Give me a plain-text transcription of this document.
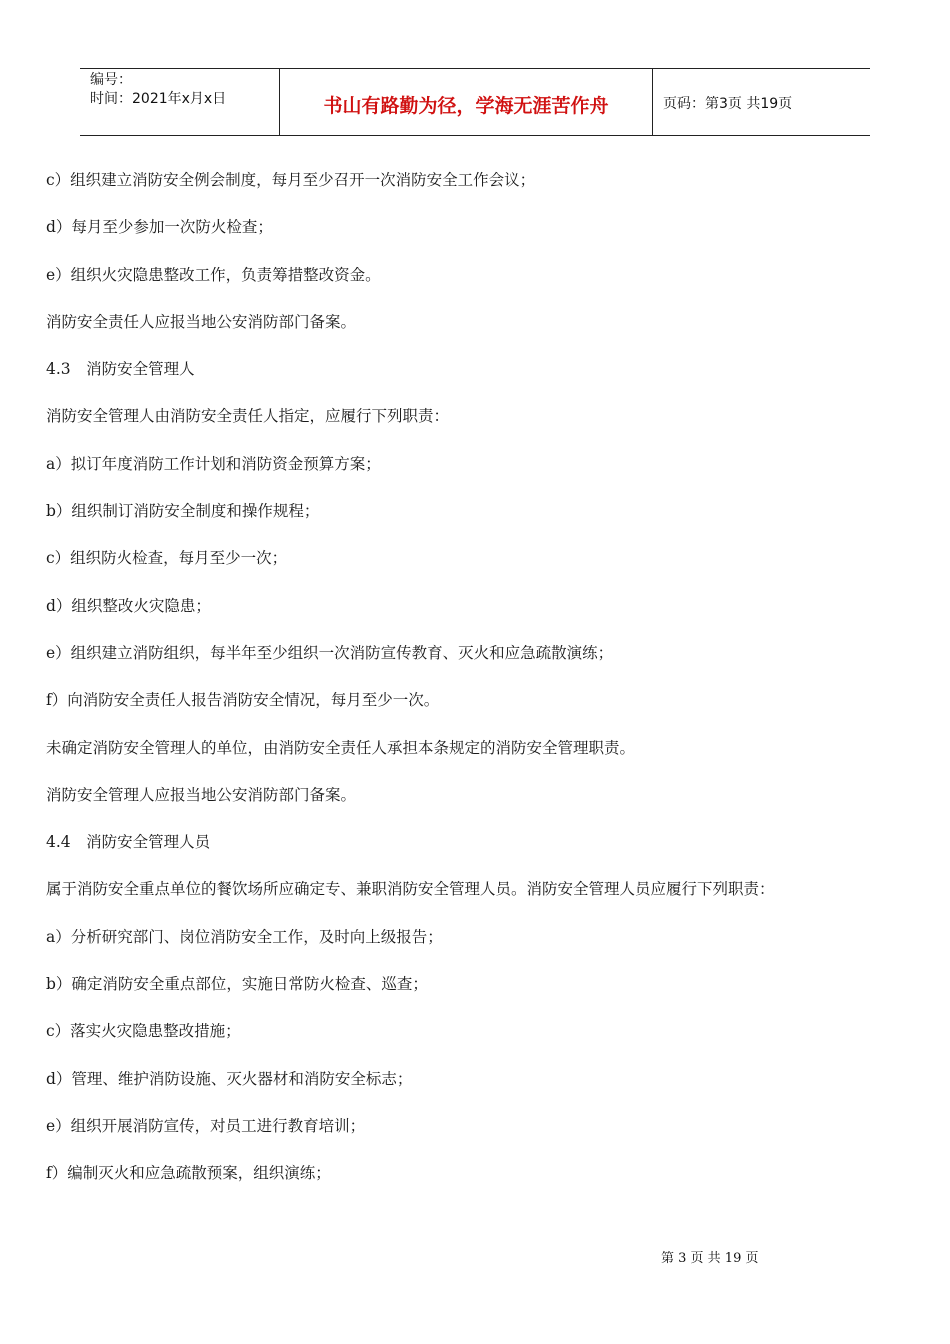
编号：
时间：2021年x月x日	书山有路勤为径，学海无涯苦作舟	页码：第3页 共19页

c）组织建立消防安全例会制度，每月至少召开一次消防安全工作会议；

d）每月至少参加一次防火检查；

e）组织火灾隐患整改工作，负责筹措整改资金。

消防安全责任人应报当地公安消防部门备案。

4.3　消防安全管理人

消防安全管理人由消防安全责任人指定，应履行下列职责：

a）拟订年度消防工作计划和消防资金预算方案；

b）组织制订消防安全制度和操作规程；

c）组织防火检查，每月至少一次；

d）组织整改火灾隐患；

e）组织建立消防组织，每半年至少组织一次消防宣传教育、灭火和应急疏散演练；

f）向消防安全责任人报告消防安全情况，每月至少一次。

未确定消防安全管理人的单位，由消防安全责任人承担本条规定的消防安全管理职责。

消防安全管理人应报当地公安消防部门备案。

4.4　消防安全管理人员

属于消防安全重点单位的餐饮场所应确定专、兼职消防安全管理人员。消防安全管理人员应履行下列职责：

a）分析研究部门、岗位消防安全工作，及时向上级报告；

b）确定消防安全重点部位，实施日常防火检查、巡查；

c）落实火灾隐患整改措施；

d）管理、维护消防设施、灭火器材和消防安全标志；

e）组织开展消防宣传，对员工进行教育培训；

f）编制灭火和应急疏散预案，组织演练；

第 3 页 共 19 页
